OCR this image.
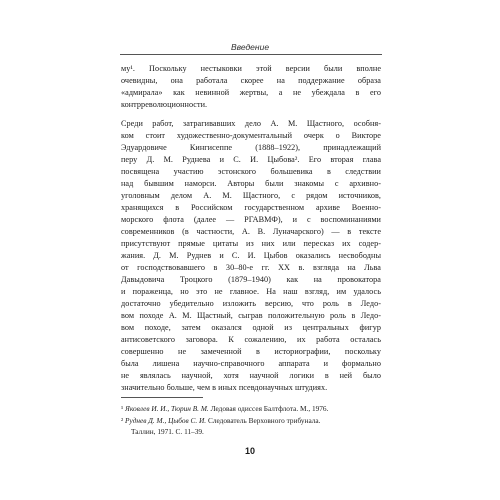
Введение

му¹. Поскольку нестыковки этой версии были вполне
очевидны, она работала скорее на поддержание образа
«адмирала» как невинной жертвы, а не убеждала в его
контрреволюционности.

Среди работ, затрагивавших дело А. М. Щастного, особня-
ком стоит художественно-документальный очерк о Викторе
Эдуардовиче Кингисеппе (1888–1922), принадлежащий
перу Д. М. Руднева и С. И. Цыбова². Его вторая глава
посвящена участию эстонского большевика в следствии
над бывшим наморси. Авторы были знакомы с архивно-
уголовным делом А. М. Щастного, с рядом источников,
хранящихся в Российском государственном архиве Военно-
морского флота (далее — РГАВМФ), и с воспоминаниями
современников (в частности, А. В. Луначарского) — в тексте
присутствуют прямые цитаты из них или пересказ их содер-
жания. Д. М. Руднев и С. И. Цыбов оказались несвободны
от господствовавшего в 30–80-е гг. XX в. взгляда на Льва
Давыдовича Троцкого (1879–1940) как на провокатора
и пораженца, но это не главное. На наш взгляд, им удалось
достаточно убедительно изложить версию, что роль в Ледо-
вом походе А. М. Щастный, сыграв положительную роль в Ледо-
вом походе, затем оказался одной из центральных фигур
антисоветского заговора. К сожалению, их работа осталась
совершенно не замеченной в историографии, поскольку
была лишена научно-справочного аппарата и формально
не являлась научной, хотя научной логики в ней было
значительно больше, чем в иных псевдонаучных штудиях.

¹ Яковлев И. И., Тюрин В. М. Ледовая одиссея Балтфлота. М., 1976.
² Руднев Д. М., Цыбов С. И. Следователь Верховного трибунала.
Таллин, 1971. С. 11–39.
10
